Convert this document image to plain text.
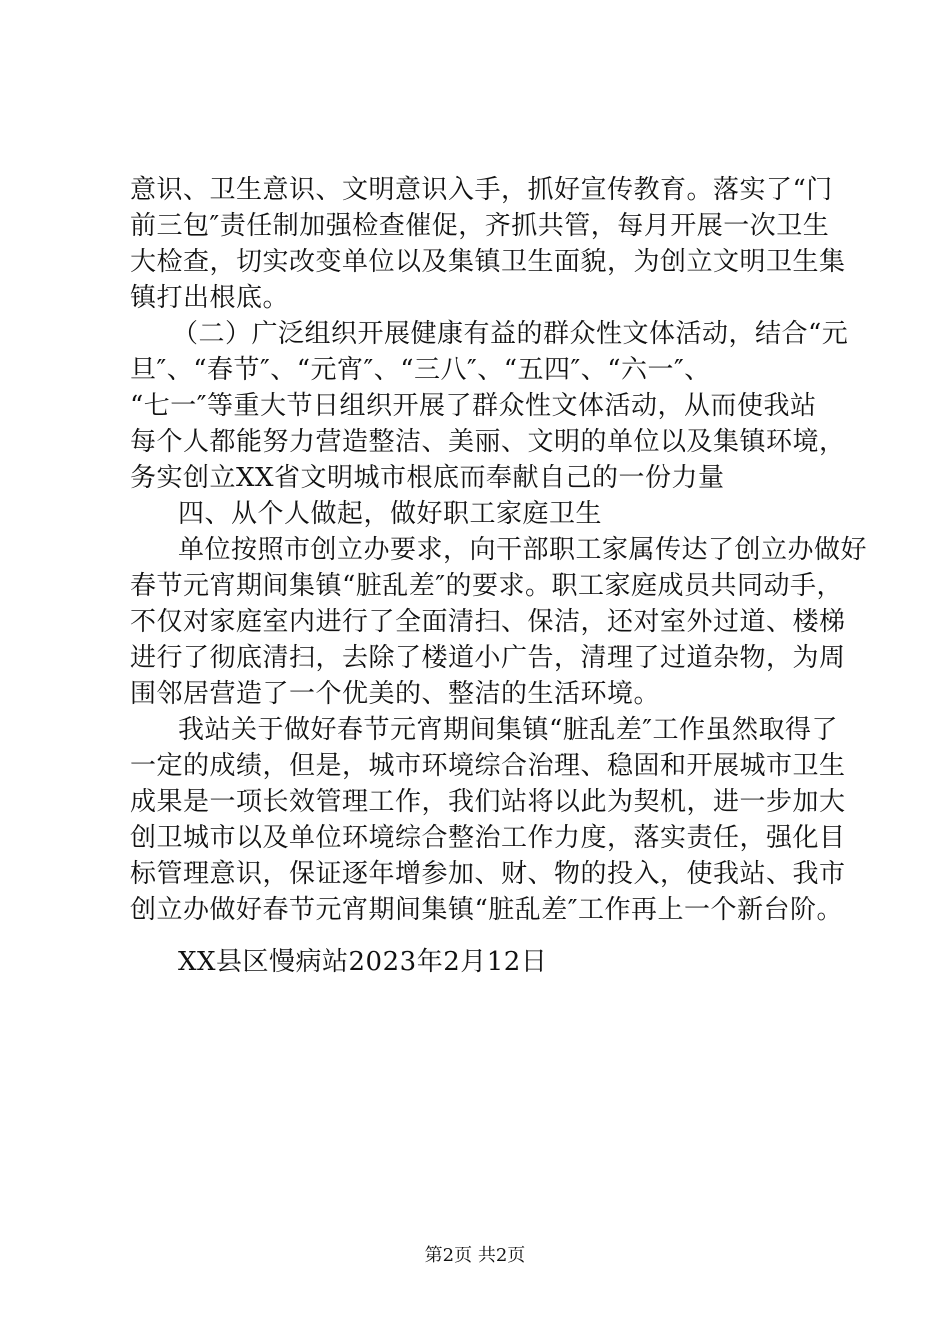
意识、卫生意识、文明意识入手，抓好宣传教育。落实了“门
前三包″责任制加强检查催促，齐抓共管，每月开展一次卫生
大检查，切实改变单位以及集镇卫生面貌，为创立文明卫生集
镇打出根底。
（二）广泛组织开展健康有益的群众性文体活动，结合“元
旦″、“春节″、“元宵″、“三八″、“五四″、“六一″、
“七一″等重大节日组织开展了群众性文体活动，从而使我站
每个人都能努力营造整洁、美丽、文明的单位以及集镇环境，
务实创立XX省文明城市根底而奉献自己的一份力量
四、从个人做起，做好职工家庭卫生
单位按照市创立办要求，向干部职工家属传达了创立办做好
春节元宵期间集镇“脏乱差″的要求。职工家庭成员共同动手，
不仅对家庭室内进行了全面清扫、保洁，还对室外过道、楼梯
进行了彻底清扫，去除了楼道小广告，清理了过道杂物，为周
围邻居营造了一个优美的、整洁的生活环境。
我站关于做好春节元宵期间集镇“脏乱差″工作虽然取得了
一定的成绩，但是，城市环境综合治理、稳固和开展城市卫生
成果是一项长效管理工作，我们站将以此为契机，进一步加大
创卫城市以及单位环境综合整治工作力度，落实责任，强化目
标管理意识，保证逐年增参加、财、物的投入，使我站、我市
创立办做好春节元宵期间集镇“脏乱差″工作再上一个新台阶。
XX县区慢病站2023年2月12日
第2页 共2页
